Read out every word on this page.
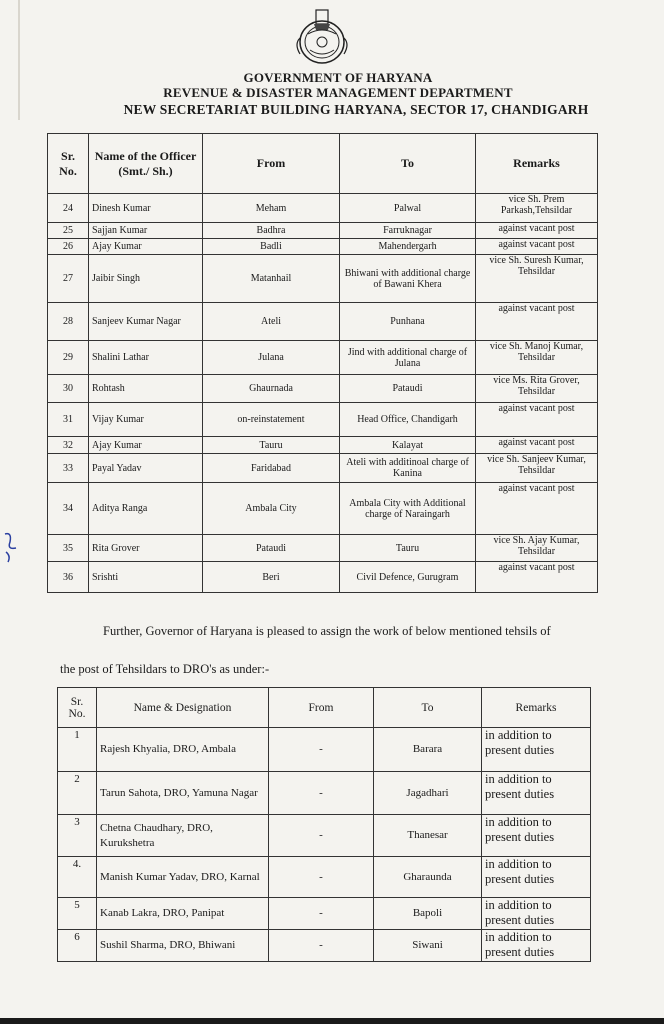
GOVERNMENT OF HARYANA
REVENUE & DISASTER MANAGEMENT DEPARTMENT
NEW SECRETARIAT BUILDING HARYANA, SECTOR 17, CHANDIGARH
Sr. No.	Name of the Officer (Smt./ Sh.)	From	To	Remarks
24	Dinesh Kumar	Meham	Palwal	vice Sh. Prem Parkash,Tehsildar
25	Sajjan Kumar	Badhra	Farruknagar	against vacant post
26	Ajay Kumar	Badli	Mahendergarh	against vacant post
27	Jaibir Singh	Matanhail	Bhiwani with additional charge of Bawani Khera	vice Sh. Suresh Kumar, Tehsildar
28	Sanjeev Kumar Nagar	Ateli	Punhana	against vacant post
29	Shalini Lathar	Julana	Jind with additional charge of Julana	vice Sh. Manoj Kumar, Tehsildar
30	Rohtash	Ghaurnada	Pataudi	vice Ms. Rita Grover, Tehsildar
31	Vijay Kumar	on-reinstatement	Head Office, Chandigarh	against vacant post
32	Ajay Kumar	Tauru	Kalayat	against vacant post
33	Payal Yadav	Faridabad	Ateli with additinoal charge of Kanina	vice Sh. Sanjeev Kumar, Tehsildar
34	Aditya Ranga	Ambala City	Ambala City with Additional charge of Naraingarh	against vacant post
35	Rita Grover	Pataudi	Tauru	vice Sh. Ajay Kumar, Tehsildar
36	Srishti	Beri	Civil Defence, Gurugram	against vacant post
Further, Governor of Haryana is pleased to assign the work of below mentioned tehsils of
the post of Tehsildars to DRO's as under:-
Sr. No.	Name & Designation	From	To	Remarks
1	Rajesh Khyalia, DRO, Ambala	-	Barara	in addition to present duties
2	Tarun Sahota, DRO, Yamuna Nagar	-	Jagadhari	in addition to present duties
3	Chetna Chaudhary, DRO, Kurukshetra	-	Thanesar	in addition to present duties
4.	Manish Kumar Yadav, DRO, Karnal	-	Gharaunda	in addition to present duties
5	Kanab Lakra, DRO, Panipat	-	Bapoli	in addition to present duties
6	Sushil Sharma, DRO, Bhiwani	-	Siwani	in addition to present duties
